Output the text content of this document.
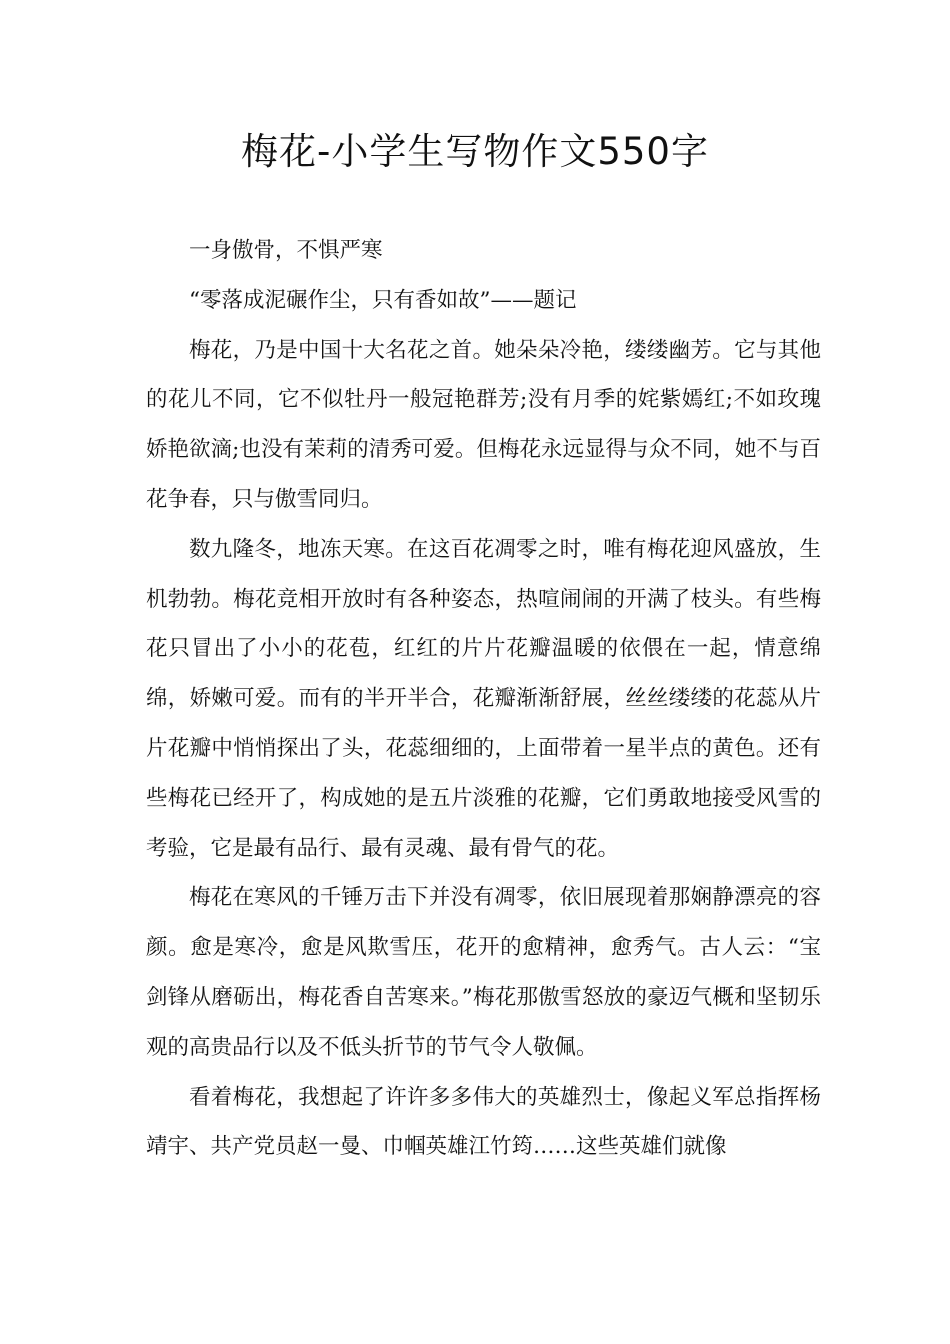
梅花-小学生写物作文550字

一身傲骨，不惧严寒

“零落成泥碾作尘，只有香如故”——题记

梅花，乃是中国十大名花之首。她朵朵冷艳，缕缕幽芳。它与其他的花儿不同，它不似牡丹一般冠艳群芳;没有月季的姹紫嫣红;不如玫瑰娇艳欲滴;也没有茉莉的清秀可爱。但梅花永远显得与众不同，她不与百花争春，只与傲雪同归。

数九隆冬，地冻天寒。在这百花凋零之时，唯有梅花迎风盛放，生机勃勃。梅花竞相开放时有各种姿态，热喧闹闹的开满了枝头。有些梅花只冒出了小小的花苞，红红的片片花瓣温暖的依偎在一起，情意绵绵，娇嫩可爱。而有的半开半合，花瓣渐渐舒展，丝丝缕缕的花蕊从片片花瓣中悄悄探出了头，花蕊细细的，上面带着一星半点的黄色。还有些梅花已经开了，构成她的是五片淡雅的花瓣，它们勇敢地接受风雪的考验，它是最有品行、最有灵魂、最有骨气的花。

梅花在寒风的千锤万击下并没有凋零，依旧展现着那娴静漂亮的容颜。愈是寒冷，愈是风欺雪压，花开的愈精神，愈秀气。古人云：“宝剑锋从磨砺出，梅花香自苦寒来。”梅花那傲雪怒放的豪迈气概和坚韧乐观的高贵品行以及不低头折节的节气令人敬佩。

看着梅花，我想起了许许多多伟大的英雄烈士，像起义军总指挥杨靖宇、共产党员赵一曼、巾帼英雄江竹筠……这些英雄们就像
